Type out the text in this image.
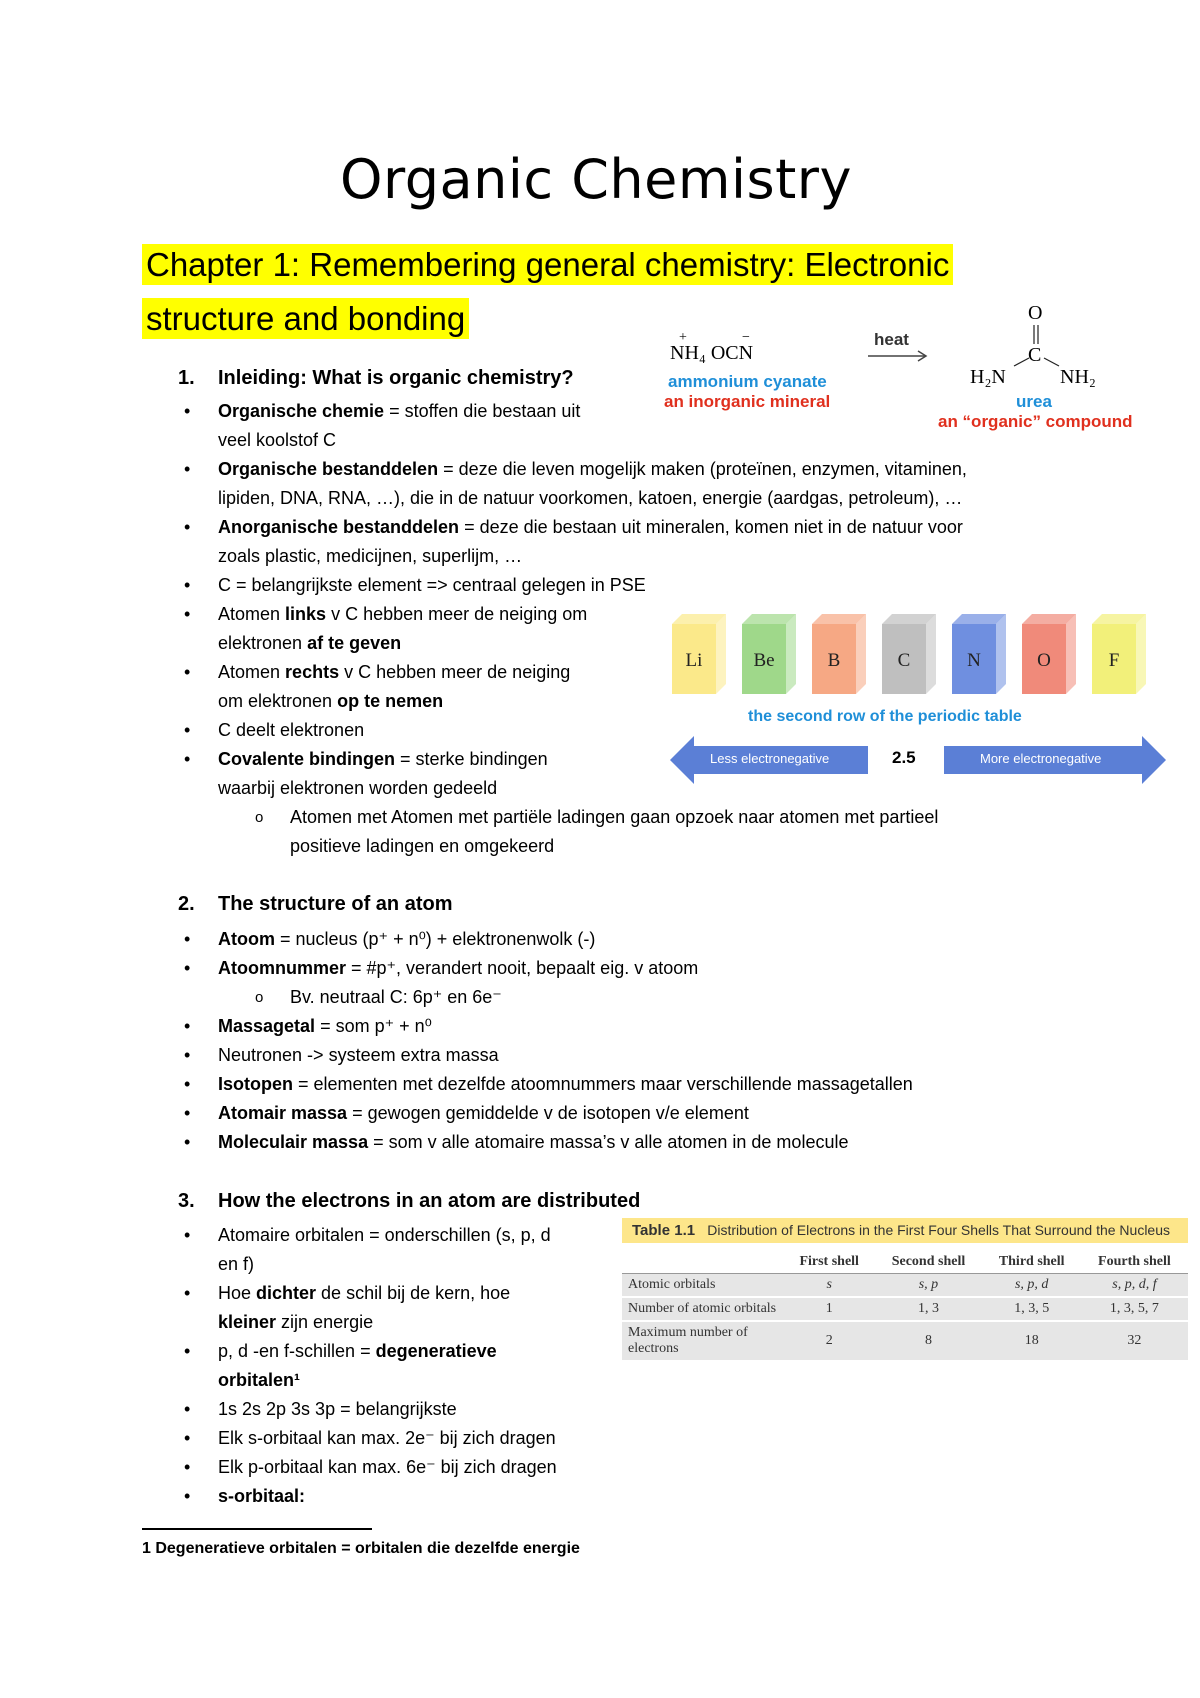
Organic Chemistry
Chapter 1: Remembering general chemistry: Electronic
structure and bonding
+	−
NH₄ OCN
heat
ammonium cyanate
an inorganic mineral
O
C
H₂N	NH₂
urea
an “organic” compound
1. Inleiding: What is organic chemistry?
• Organische chemie = stoffen die bestaan uit
veel koolstof C
• Organische bestanddelen = deze die leven mogelijk maken (proteïnen, enzymen, vitaminen,
lipiden, DNA, RNA, …), die in de natuur voorkomen, katoen, energie (aardgas, petroleum), …
• Anorganische bestanddelen = deze die bestaan uit mineralen, komen niet in de natuur voor
zoals plastic, medicijnen, superlijm, …
• C = belangrijkste element => centraal gelegen in PSE
• Atomen links v C hebben meer de neiging om
elektronen af te geven
• Atomen rechts v C hebben meer de neiging
om elektronen op te nemen
• C deelt elektronen
• Covalente bindingen = sterke bindingen
waarbij elektronen worden gedeeld
o Atomen met Atomen met partiële ladingen gaan opzoek naar atomen met partieel
positieve ladingen en omgekeerd
Li	Be	B	C	N	O	F
the second row of the periodic table
Less electronegative	2.5	More electronegative
2. The structure of an atom
• Atoom = nucleus (p⁺ + n⁰) + elektronenwolk (-)
• Atoomnummer = #p⁺, verandert nooit, bepaalt eig. v atoom
o Bv. neutraal C: 6p⁺ en 6e⁻
• Massagetal = som p⁺ + n⁰
• Neutronen -> systeem extra massa
• Isotopen = elementen met dezelfde atoomnummers maar verschillende massagetallen
• Atomair massa = gewogen gemiddelde v de isotopen v/e element
• Moleculair massa = som v alle atomaire massa’s v alle atomen in de molecule
3. How the electrons in an atom are distributed
• Atomaire orbitalen = onderschillen (s, p, d
en f)
• Hoe dichter de schil bij de kern, hoe
kleiner zijn energie
• p, d -en f-schillen = degeneratieve
orbitalen¹
• 1s 2s 2p 3s 3p = belangrijkste
• Elk s-orbitaal kan max. 2e⁻ bij zich dragen
• Elk p-orbitaal kan max. 6e⁻ bij zich dragen
• s-orbitaal:
Table 1.1 Distribution of Electrons in the First Four Shells That Surround the Nucleus
	First shell	Second shell	Third shell	Fourth shell
Atomic orbitals	s	s, p	s, p, d	s, p, d, f
Number of atomic orbitals	1	1, 3	1, 3, 5	1, 3, 5, 7
Maximum number of electrons	2	8	18	32
1 Degeneratieve orbitalen = orbitalen die dezelfde energie
